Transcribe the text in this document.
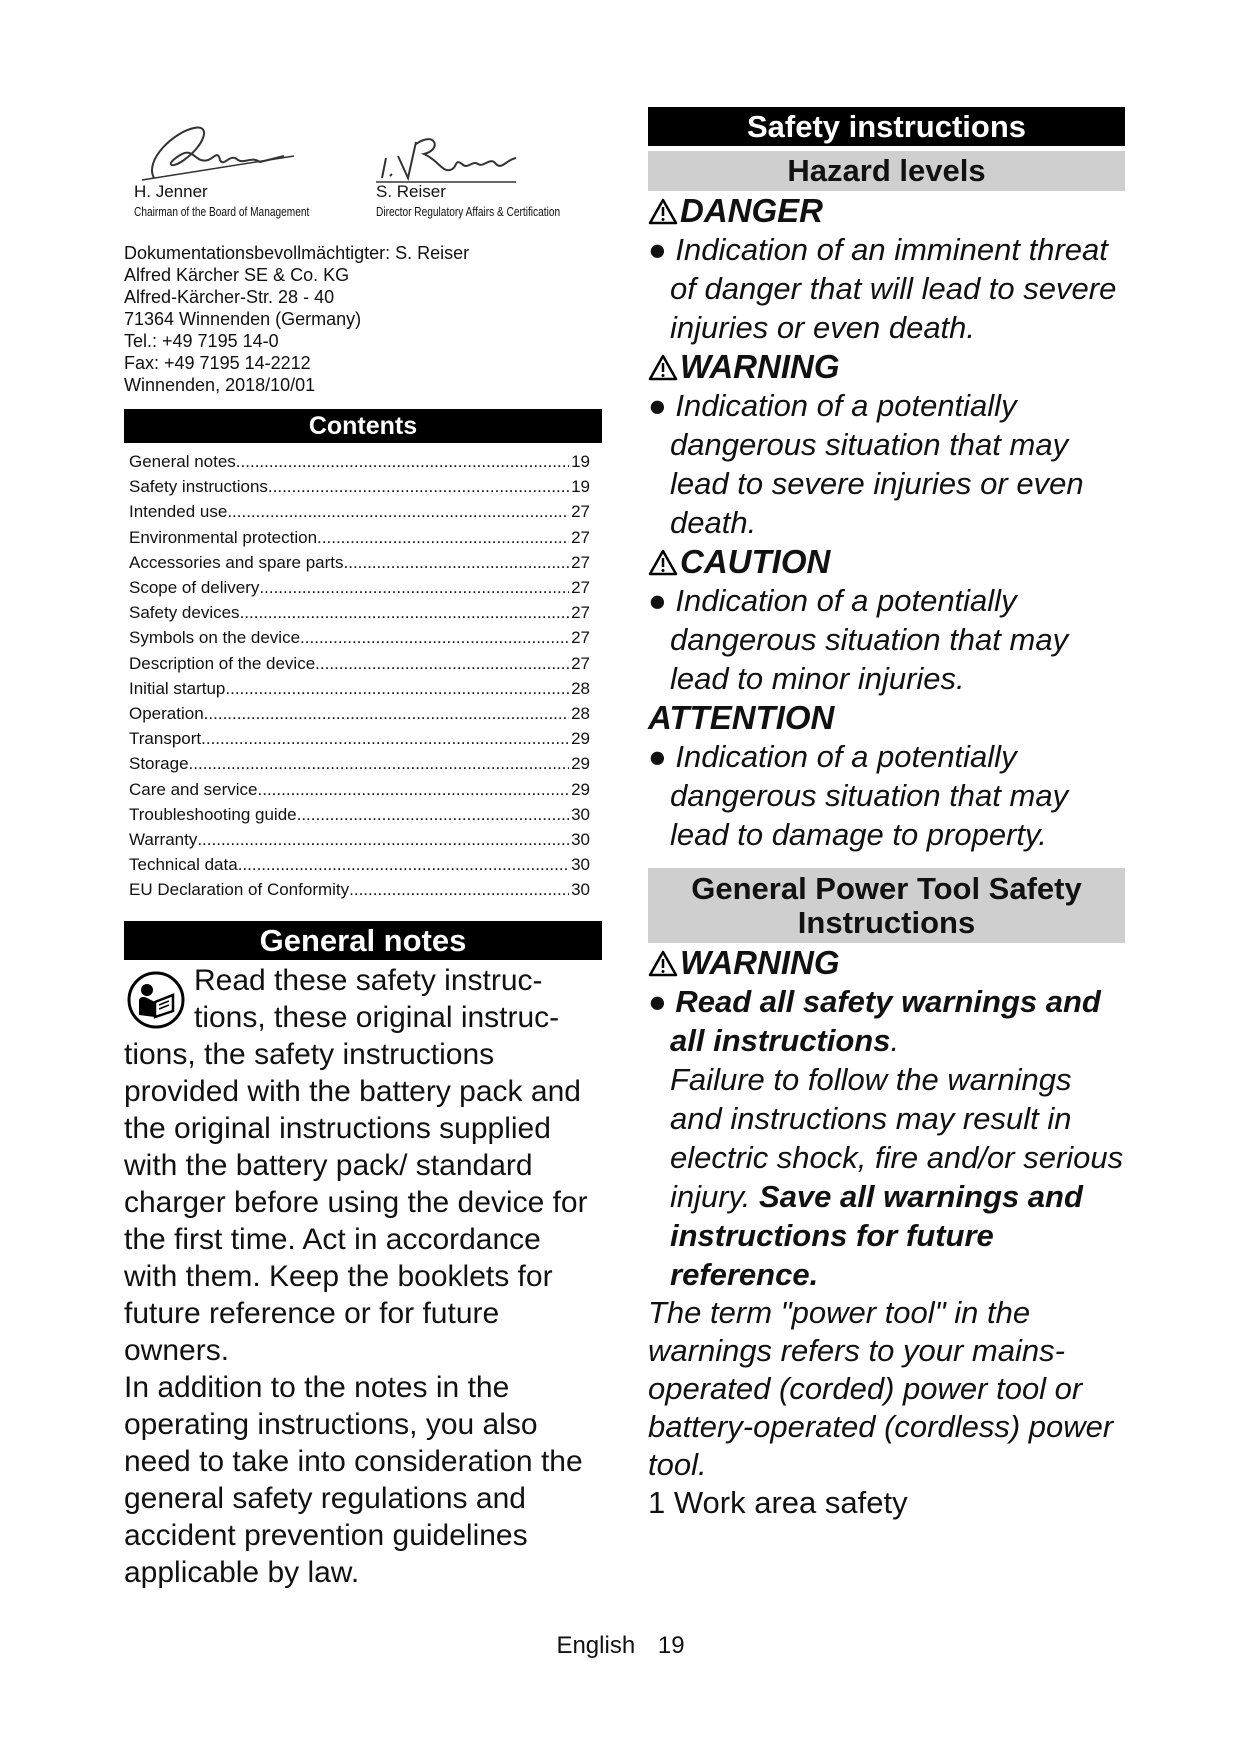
H. Jenner
Chairman of the Board of Management
S. Reiser
Director Regulatory Affairs & Certification
Dokumentationsbevollmächtigter: S. Reiser
Alfred Kärcher SE & Co. KG
Alfred-Kärcher-Str. 28 - 40
71364 Winnenden (Germany)
Tel.: +49 7195 14-0
Fax: +49 7195 14-2212
Winnenden, 2018/10/01
Contents
General notes .....	19
Safety instructions .....	19
Intended use .....	27
Environmental protection .....	27
Accessories and spare parts .....	27
Scope of delivery .....	27
Safety devices .....	27
Symbols on the device .....	27
Description of the device .....	27
Initial startup .....	28
Operation .....	28
Transport .....	29
Storage .....	29
Care and service .....	29
Troubleshooting guide .....	30
Warranty .....	30
Technical data .....	30
EU Declaration of Conformity .....	30
General notes
Read these safety instruc-
tions, these original instruc-

tions, the safety instructions provided with the battery pack and the original instructions supplied with the battery pack/ standard charger before using the device for the first time. Act in accordance with them. Keep the booklets for future reference or for future owners.

In addition to the notes in the operating instructions, you also need to take into consideration the general safety regulations and accident prevention guidelines applicable by law.

Safety instructions
Hazard levels
DANGER
● Indication of an imminent threat of danger that will lead to severe injuries or even death.
WARNING
● Indication of a potentially dangerous situation that may lead to severe injuries or even death.
CAUTION
● Indication of a potentially dangerous situation that may lead to minor injuries.
ATTENTION
● Indication of a potentially dangerous situation that may lead to damage to property.
General Power Tool Safety
Instructions
WARNING
● Read all safety warnings and all instructions.
Failure to follow the warnings and instructions may result in electric shock, fire and/or serious injury. Save all warnings and instructions for future reference.
The term "power tool" in the warnings refers to your mains-operated (corded) power tool or battery-operated (cordless) power tool.
1 Work area safety
English 19
